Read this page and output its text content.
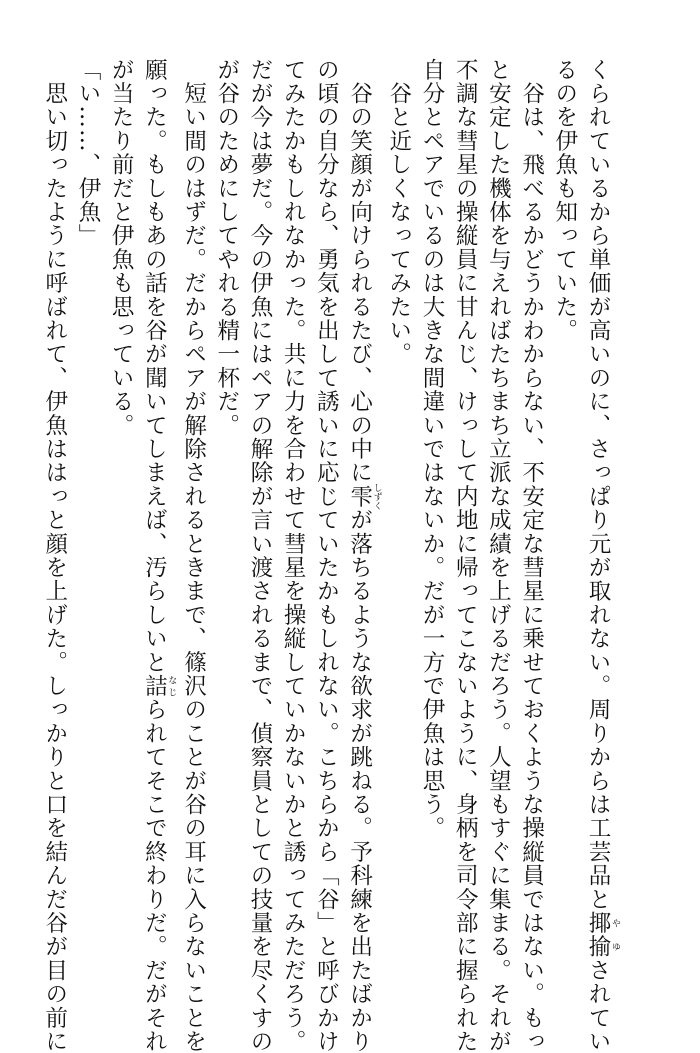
くられているから単価が高いのに、さっぱり元が取れない。周りからは工芸品と揶揄 やゆされてい

るのを伊魚も知っていた。

　谷は、飛べるかどうかわからない、不安定な彗星に乗せておくような操縦員ではない。もっ

と安定した機体を与えればたちまち立派な成績を上げるだろう。人望もすぐに集まる。それが

不調な彗星の操縦員に甘んじ、けっして内地に帰ってこないように、身柄を司令部に握られた

自分とペアでいるのは大きな間違いではないか。だが一方で伊魚は思う。

　谷と近しくなってみたい。

　谷の笑顔が向けられるたび、心の中に雫 しずくが落ちるような欲求が跳ねる。予科練を出たばかり

の頃の自分なら、勇気を出して誘いに応じていたかもしれない。こちらから「谷」と呼びかけ

てみたかもしれなかった。共に力を合わせて彗星を操縦していかないかと誘ってみただろう。

だが今は夢だ。今の伊魚にはペアの解除が言い渡されるまで、偵察員としての技量を尽くすの

が谷のためにしてやれる精一杯だ。

　短い間のはずだ。だからペアが解除されるときまで、篠沢のことが谷の耳に入らないことを

願った。もしもあの話を谷が聞いてしまえば、汚らしいと詰 なじられてそこで終わりだ。だがそれ

が当たり前だと伊魚も思っている。

「い……、伊魚」

　思い切ったように呼ばれて、伊魚ははっと顔を上げた。しっかりと口を結んだ谷が目の前に
